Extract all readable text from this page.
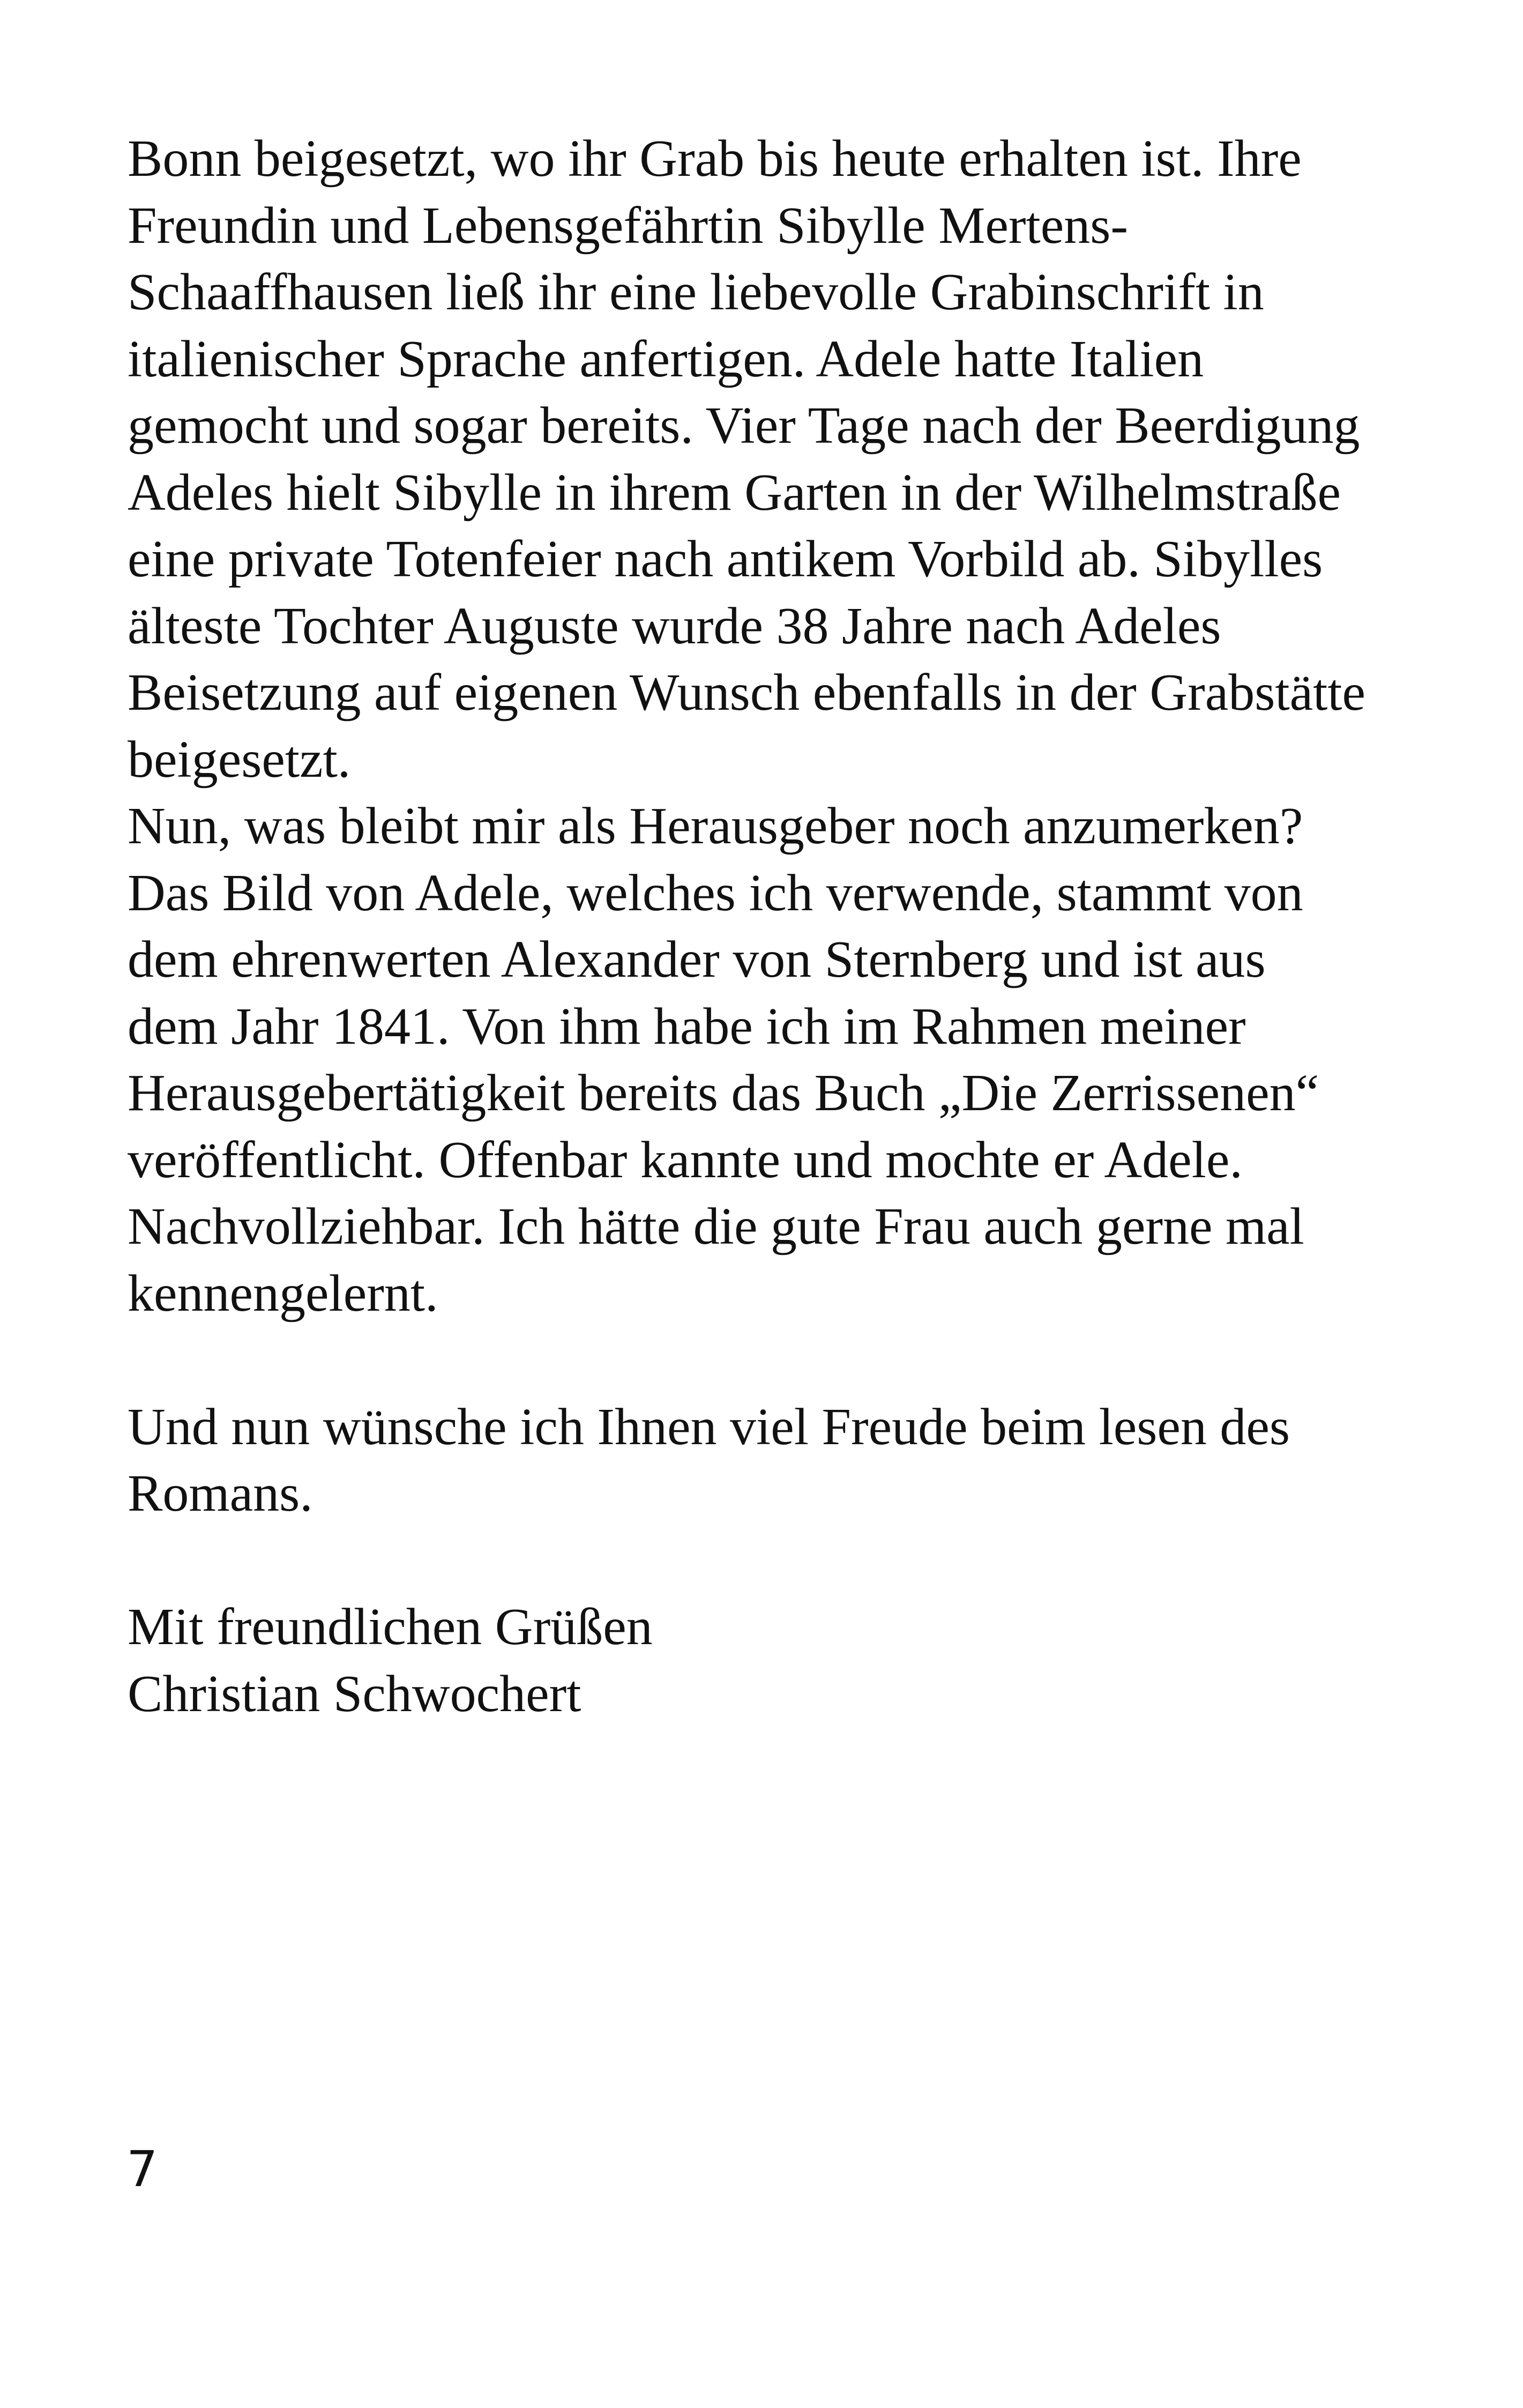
Bonn beigesetzt, wo ihr Grab bis heute erhalten ist. Ihre
Freundin und Lebensgefährtin Sibylle Mertens-
Schaaffhausen ließ ihr eine liebevolle Grabinschrift in
italienischer Sprache anfertigen. Adele hatte Italien
gemocht und sogar bereits. Vier Tage nach der Beerdigung
Adeles hielt Sibylle in ihrem Garten in der Wilhelmstraße
eine private Totenfeier nach antikem Vorbild ab. Sibylles
älteste Tochter Auguste wurde 38 Jahre nach Adeles
Beisetzung auf eigenen Wunsch ebenfalls in der Grabstätte
beigesetzt.
Nun, was bleibt mir als Herausgeber noch anzumerken?
Das Bild von Adele, welches ich verwende, stammt von
dem ehrenwerten Alexander von Sternberg und ist aus
dem Jahr 1841. Von ihm habe ich im Rahmen meiner
Herausgebertätigkeit bereits das Buch „Die Zerrissenen“
veröffentlicht. Offenbar kannte und mochte er Adele.
Nachvollziehbar. Ich hätte die gute Frau auch gerne mal
kennengelernt.
Und nun wünsche ich Ihnen viel Freude beim lesen des
Romans.
Mit freundlichen Grüßen
Christian Schwochert
7
